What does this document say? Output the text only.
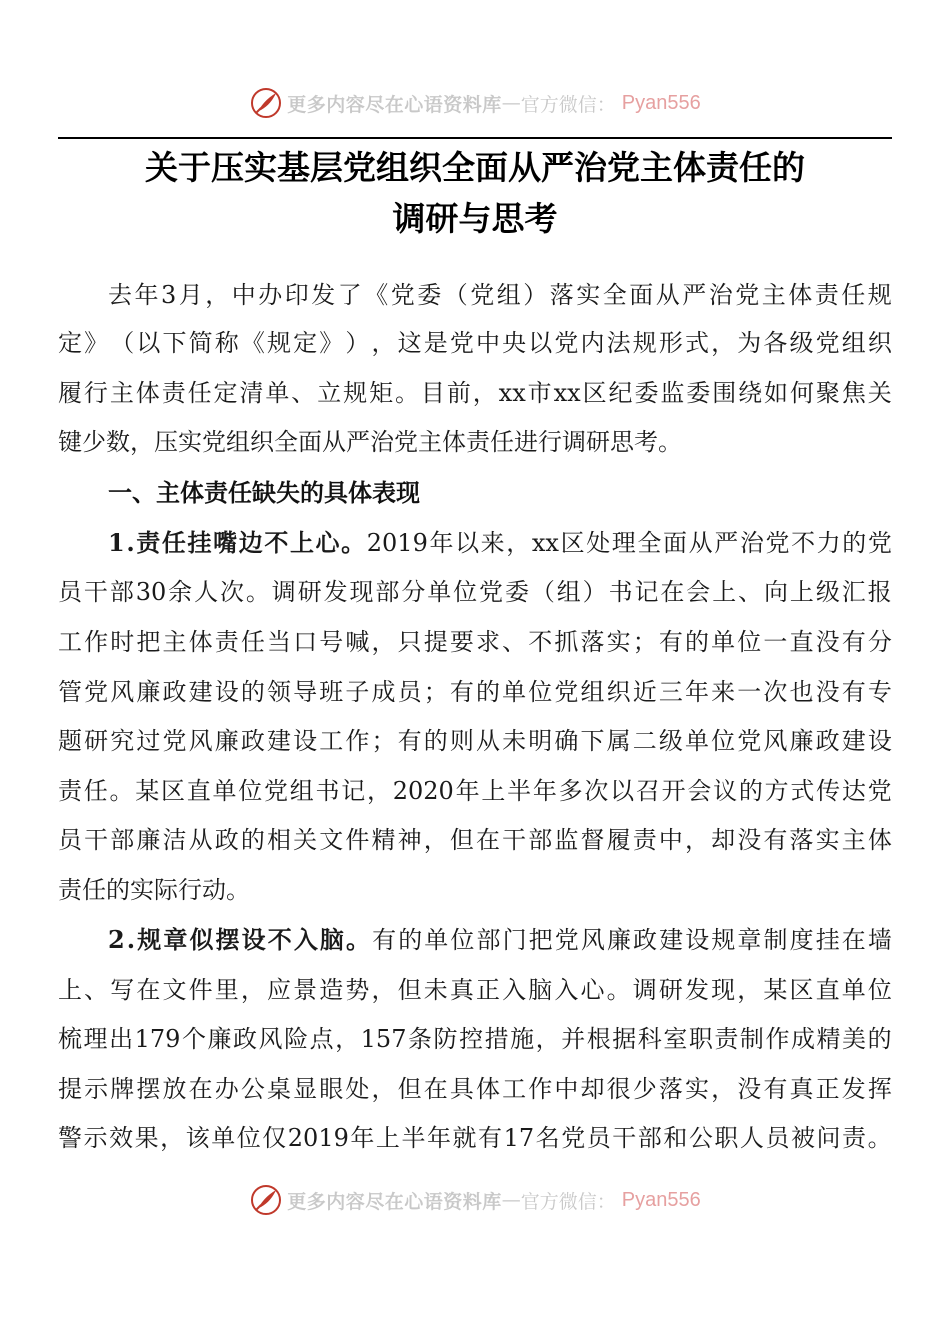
更多内容尽在心语资料库 — 官方微信： Pyan556
关于压实基层党组织全面从严治党主体责任的
调研与思考
去 年 3 月 ， 中 办 印 发 了 《 党 委 （ 党 组 ） 落 实 全 面 从 严 治 党 主 体 责 任 规
定 》 （ 以 下 简 称 《 规 定 》 ） ， 这 是 党 中 央 以 党 内 法 规 形 式 ， 为 各 级 党 组 织
履 行 主 体 责 任 定 清 单 、 立 规 矩 。 目 前 ， xx 市 xx 区 纪 委 监 委 围 绕 如 何 聚 焦 关
键少数，压实党组织全面从严治党主体责任进行调研思考。
一、主体责任缺失的具体表现
1 . 责 任 挂 嘴 边 不 上 心 。 2019 年 以 来 ， xx 区 处 理 全 面 从 严 治 党 不 力 的 党
员 干 部 30 余 人 次 。 调 研 发 现 部 分 单 位 党 委 （ 组 ） 书 记 在 会 上 、 向 上 级 汇 报
工 作 时 把 主 体 责 任 当 口 号 喊 ， 只 提 要 求 、 不 抓 落 实 ； 有 的 单 位 一 直 没 有 分
管 党 风 廉 政 建 设 的 领 导 班 子 成 员 ； 有 的 单 位 党 组 织 近 三 年 来 一 次 也 没 有 专
题 研 究 过 党 风 廉 政 建 设 工 作 ； 有 的 则 从 未 明 确 下 属 二 级 单 位 党 风 廉 政 建 设
责 任 。 某 区 直 单 位 党 组 书 记 ， 2020 年 上 半 年 多 次 以 召 开 会 议 的 方 式 传 达 党
员 干 部 廉 洁 从 政 的 相 关 文 件 精 神 ， 但 在 干 部 监 督 履 责 中 ， 却 没 有 落 实 主 体
责任的实际行动。
2 . 规 章 似 摆 设 不 入 脑 。 有 的 单 位 部 门 把 党 风 廉 政 建 设 规 章 制 度 挂 在 墙
上 、 写 在 文 件 里 ， 应 景 造 势 ， 但 未 真 正 入 脑 入 心 。 调 研 发 现 ， 某 区 直 单 位
梳 理 出 179 个 廉 政 风 险 点 ， 157 条 防 控 措 施 ， 并 根 据 科 室 职 责 制 作 成 精 美 的
提 示 牌 摆 放 在 办 公 桌 显 眼 处 ， 但 在 具 体 工 作 中 却 很 少 落 实 ， 没 有 真 正 发 挥
警 示 效 果 ， 该 单 位 仅 2019 年 上 半 年 就 有 17 名 党 员 干 部 和 公 职 人 员 被 问 责 。
更多内容尽在心语资料库 — 官方微信： Pyan556
